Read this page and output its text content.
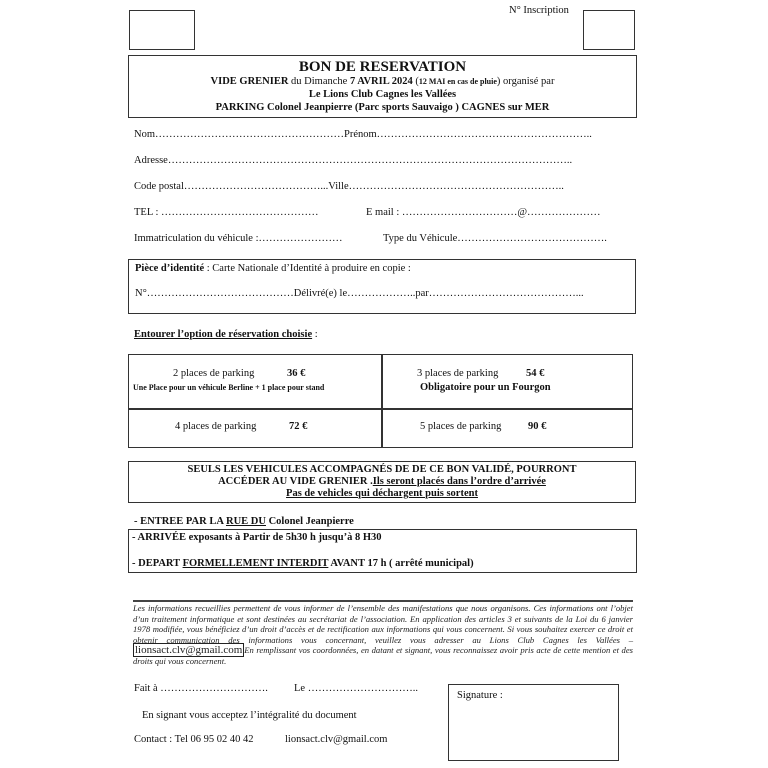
N° Inscription
BON DE RESERVATION
VIDE GRENIER du Dimanche 7 AVRIL 2024 (12 MAI en cas de pluie) organisé par
Le Lions Club Cagnes les Vallées
PARKING Colonel Jeanpierre (Parc sports Sauvaigo ) CAGNES sur MER
Nom………………………………………………Prénom……………………………………………………..
Adresse……………………………………………………………………………………………………..
Code postal…………………………………...Ville……………………………………………………..
TEL : ………………………………………	E mail : ……………………………@…………………
Immatriculation du véhicule :……………………	Type du Véhicule…………………………………….
Pièce d’identité : Carte Nationale d’Identité à produire en copie :
N°……………………………………Délivré(e) le………………..par……………………………………...
Entourer l’option de réservation choisie :
2 places de parking	36 €
Une Place pour un véhicule Berline + 1 place pour stand
3 places de parking	54 €
Obligatoire pour un Fourgon
4 places de parking	72 €	5 places de parking	90 €
SEULS LES VEHICULES ACCOMPAGNÉS DE DE CE BON VALIDÉ, POURRONT
ACCÉDER AU VIDE GRENIER .Ils seront placés dans l’ordre d’arrivée
Pas de vehicles qui déchargent puis sortent
- ENTREE PAR LA RUE DU Colonel Jeanpierre
- ARRIVÉE exposants à Partir de 5h30 h jusqu’à 8 H30
- DEPART FORMELLEMENT INTERDIT AVANT 17 h ( arrêté municipal)
Les informations recueillies permettent de vous informer de l’ensemble des manifestations que nous organisons. Ces informations ont l’objet d’un traitement informatique et sont destinées au secrétariat de l’association. En application des articles 3 et suivants de la Loi du 6 janvier 1978 modifiée, vous bénéficiez d’un droit d’accès et de rectification aux informations qui vous concernent. Si vous souhaitez exercer ce droit et obtenir communication des informations vous concernant, veuillez vous adresser au Lions Club Cagnes les Vallées – lionsact.clv@gmail.com En remplissant vos coordonnées, en datant et signant, vous reconnaissez avoir pris acte de cette mention et des droits qui vous concernent.
Fait à …………………………. Le …………………………..
En signant vous acceptez l’intégralité du document
Contact : Tel 06 95 02 40 42	lionsact.clv@gmail.com
Signature :
